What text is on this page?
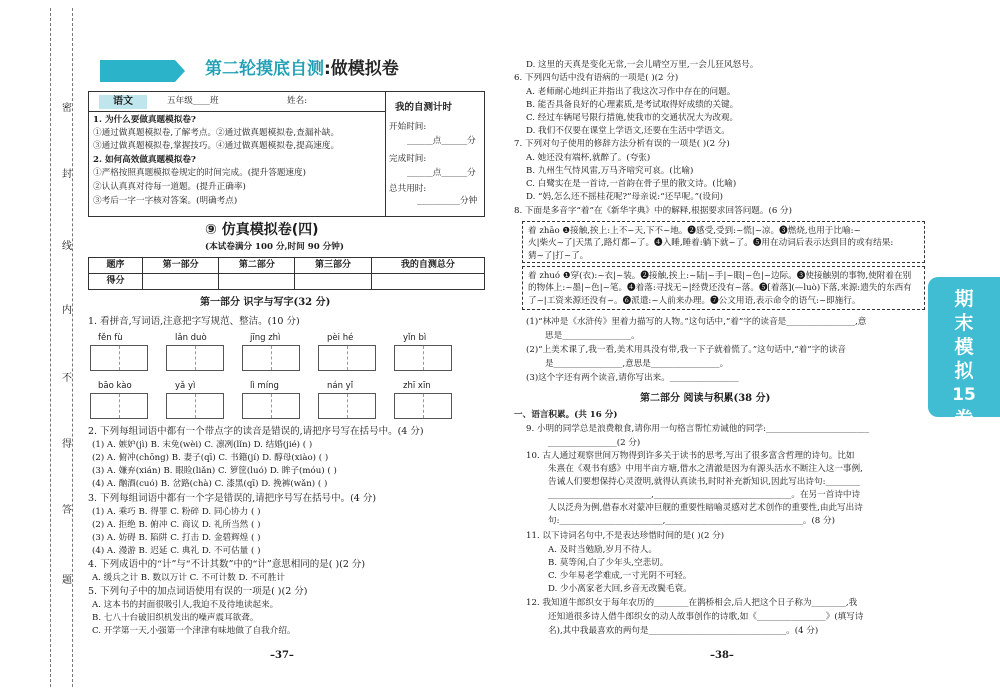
密
封
线
内
不
得
答
题
第二轮摸底自测:做模拟卷
语文	五年级____班	姓名:
1. 为什么要做真题模拟卷?
①通过做真题模拟卷,了解考点。②通过做真题模拟卷,查漏补缺。
③通过做真题模拟卷,掌握技巧。④通过做真题模拟卷,提高速度。
2. 如何高效做真题模拟卷?
①严格按照真题模拟卷规定的时间完成。(提升答题速度)
②认认真真对待每一道题。(提升正确率)
③考后一字一字核对答案。(明确考点)
我的自测计时
开始时间:
______点______分
完成时间:
______点______分
总共用时:
__________分钟
⑨ 仿真模拟卷(四)
(本试卷满分 100 分,时间 90 分钟)
题序	第一部分	第二部分	第三部分	我的自测总分
得分				
第一部分 识字与写字(32 分)
1. 看拼音,写词语,注意把字写规范、整洁。(10 分)
fěn fù	lǎn duò	jīng zhì	pèi hé	yǐn bì
bāo kào	yǎ yì	lì míng	nán yǐ	zhī xīn
2. 下列每组词语中都有一个带点字的读音是错误的,请把序号写在括号中。(4 分)
(1) A. 嫉妒(jì) B. 末免(wèi) C. 凛冽(lǐn) D. 结婚(jié) ( )
(2) A. 俯冲(chōng) B. 妻子(qī) C. 书籍(jí) D. 醇母(xiào) ( )
(3) A. 嫌弃(xián) B. 眼睑(liǎn) C. 箩筐(luó) D. 眸子(móu) ( )
(4) A. 酗酒(cuó) B. 岔路(chà) C. 漆黑(qī) D. 挽裤(wǎn) ( )
3. 下列每组词语中都有一个字是错误的,请把序号写在括号中。(4 分)
(1) A. 乘巧 B. 得罪 C. 粉碎 D. 同心协力 ( )
(2) A. 拒绝 B. 俯冲 C. 商议 D. 礼所当然 ( )
(3) A. 妨碍 B. 陷阱 C. 打击 D. 金碧辉煌 ( )
(4) A. 漫游 B. 迟延 C. 典礼 D. 不可估量 ( )
4. 下列成语中的“计”与“不计其数”中的“计”意思相同的是( )(2 分)
A. 缓兵之计 B. 数以万计 C. 不可计数 D. 不可胜计
5. 下列句子中的加点词语使用有误的一项是( )(2 分)
A. 这本书的封面很吸引人,我迫不及待地读起来。
B. 七八十台破旧织机发出的噪声震耳欲聋。
C. 开学第一天,小强第一个津津有味地做了自我介绍。
–37–
D. 这里的天真是变化无常,一会儿晴空万里,一会儿狂风怒号。
6. 下列四句话中没有语病的一项是( )(2 分)
A. 老师耐心地纠正并指出了我这次习作中存在的问题。
B. 能否具备良好的心理素质,是考试取得好成绩的关键。
C. 经过车辆尾号限行措施,使我市的交通状况大为改观。
D. 我们不仅要在课堂上学语文,还要在生活中学语文。
7. 下列对句子使用的修辞方法分析有误的一项是( )(2 分)
A. 她还没有端杯,就醉了。(夸张)
B. 九州生气恃风雷,万马齐喑究可哀。(比喻)
C. 白鹭实在是一首诗,一首韵在骨子里的散文诗。(比喻)
D. “妈,怎么还不摇桂花呢?”母亲说:“还早呢。”(设问)
8. 下面是多音字“着”在《新华字典》中的解释,根据要求回答问题。(6 分)
着 zhāo ❶接触,挨上:上不~天,下不~地。❷感受,受到:~慌|~凉。❸燃烧,也用于比喻:~
火|柴火~了|天黑了,路灯都~了。❹入睡,睡着:躺下就~了。❺用在动词后表示达到目的或有结果:
猜~了|打~了。
着 zhuó ❶穿(衣):~衣|~装。❷接触,挨上:~陆|~手|~眼|~色|~边际。❸使接触别的事物,使附着在别
的物体上:~墨|~色|~笔。❹着落:寻找无~|经费还没有~落。❺[着落](—luò)下落,来源:遗失的东西有
了~|工资来源还没有~。❻派遣:~人前来办理。❼公文用语,表示命令的语气:~即施行。
(1)“林冲是《水浒传》里着力描写的人物。”这句话中,“着”字的读音是________________,意
思是________________。
(2)“上美术课了,我一看,美术用具没有带,我一下子就着慌了。”这句话中,“着”字的读音
是________________,意思是________________。
(3)这个字还有两个读音,请你写出来。________________
第二部分 阅读与积累(38 分)
一、语言积累。(共 16 分)
9. 小明的同学总是浪费粮食,请你用一句格言帮忙劝诫他的同学:________________________
________________(2 分)
10. 古人通过观察世间万物得到许多关于读书的思考,写出了很多富含哲理的诗句。比如
朱熹在《观书有感》中用半亩方塘,借水之清澈是因为有源头活水不断注入这一事例,
告诫人们要想保持心灵澄明,就得认真读书,时时补充新知识,因此写出诗句:________
________________________,________________________________。在另一首诗中诗
人以泛舟为例,借春水对蒙冲巨舰的重要性暗喻灵感对艺术创作的重要性,由此写出诗
句:________________________,________________________________。(8 分)
11. 以下诗词名句中,不是表达珍惜时间的是( )(2 分)
A. 及时当勉励,岁月不待人。
B. 莫等闲,白了少年头,空悲切。
C. 少年易老学难成,一寸光阴不可轻。
D. 少小离家老大回,乡音无改鬓毛衰。
12. 我知道牛郎织女于每年农历的________在鹊桥相会,后人把这个日子称为________,我
还知道很多诗人借牛郎织女的动人故事创作的诗歌,如《________________》(填写诗
名),其中我最喜欢的两句是________________________________。(4 分)
–38–
期
末
模
拟
15
卷
